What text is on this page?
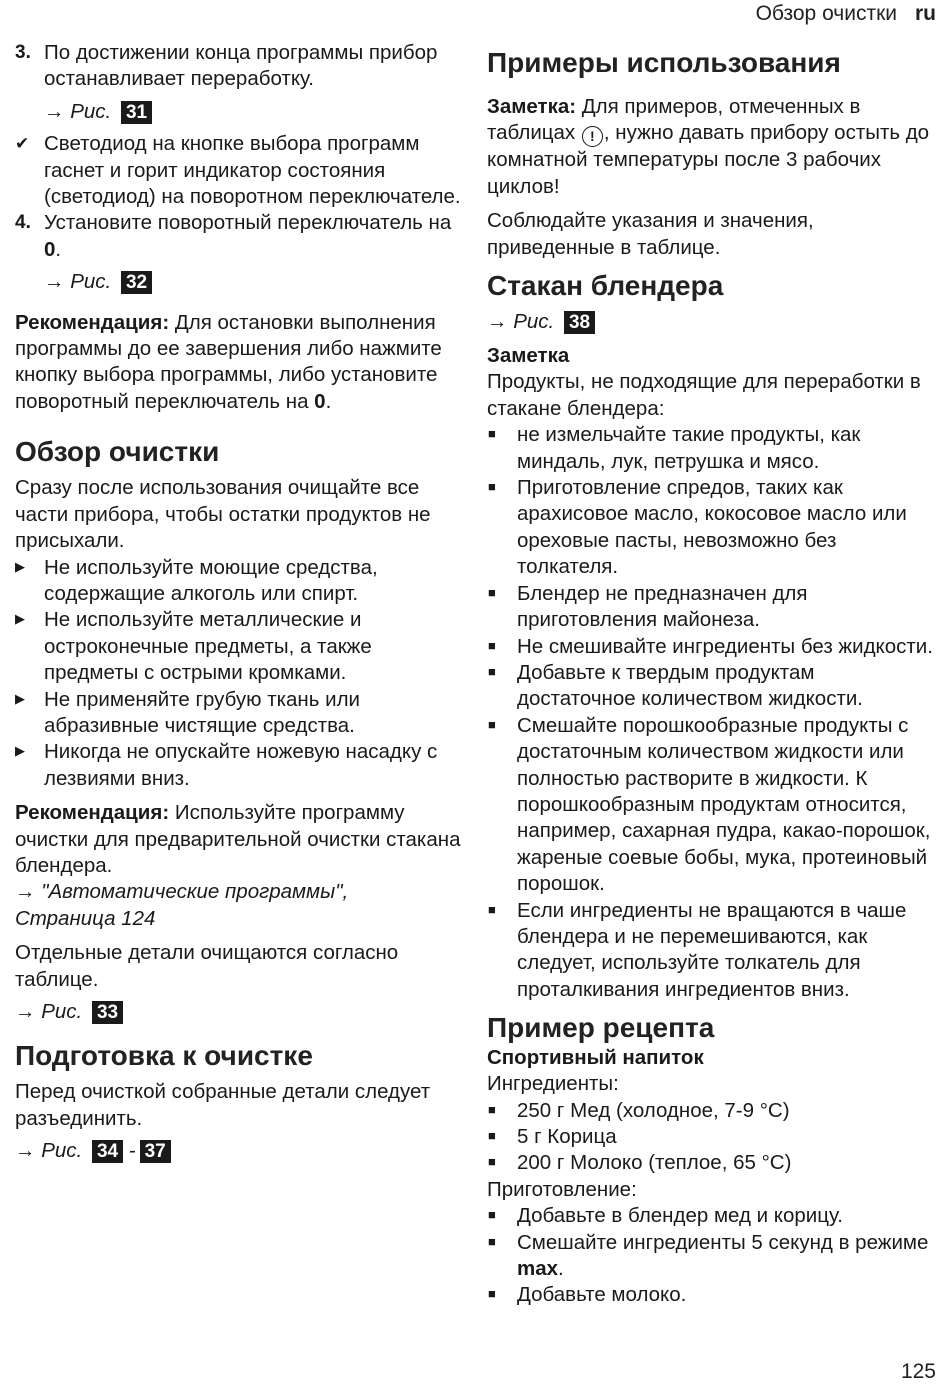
Обзор очистки ru
3. По достижении конца программы прибор останавливает переработку.

→ Рис. 31

✔ Светодиод на кнопке выбора программ гаснет и горит индикатор состояния (светодиод) на поворотном переключателе.

4. Установите поворотный переключатель на 0.

→ Рис. 32

Рекомендация: Для остановки выполнения программы до ее завершения либо нажмите кнопку выбора программы, либо установите поворотный переключатель на 0.

Обзор очистки

Сразу после использования очищайте все части прибора, чтобы остатки продуктов не присыхали.

▶ Не используйте моющие средства, содержащие алкоголь или спирт.
▶ Не используйте металлические и остроконечные предметы, а также предметы с острыми кромками.
▶ Не применяйте грубую ткань или абразивные чистящие средства.
▶ Никогда не опускайте ножевую насадку с лезвиями вниз.

Рекомендация: Используйте программу очистки для предварительной очистки стакана блендера.

→ "Автоматические программы",
Страница 124

Отдельные детали очищаются согласно таблице.

→ Рис. 33

Подготовка к очистке

Перед очисткой собранные детали следует разъединить.

→ Рис. 34 - 37

Примеры использования

Заметка: Для примеров, отмеченных в таблицах ! , нужно давать прибору остыть до комнатной температуры после 3 рабочих циклов!

Соблюдайте указания и значения, приведенные в таблице.

Стакан блендера

→ Рис. 38

Заметка

Продукты, не подходящие для переработки в стакане блендера:

■	не измельчайте такие продукты, как миндаль, лук, петрушка и мясо.
■	Приготовление спредов, таких как арахисовое масло, кокосовое масло или ореховые пасты, невозможно без толкателя.
■	Блендер не предназначен для приготовления майонеза.
■	Не смешивайте ингредиенты без жидкости.
■	Добавьте к твердым продуктам достаточное количеством жидкости.
■	Смешайте порошкообразные продукты с достаточным количеством жидкости или полностью растворите в жидкости. К порошкообразным продуктам относится, например, сахарная пудра, какао-порошок, жареные соевые бобы, мука, протеиновый порошок.
■	Если ингредиенты не вращаются в чаше блендера и не перемешиваются, как следует, используйте толкатель для проталкивания ингредиентов вниз.
Пример рецепта
Спортивный напиток

Ингредиенты:

■	250 г Мед (холодное, 7-9 °C)
■	5 г Корица
■	200 г Молоко (теплое, 65 °C)

Приготовление:

■	Добавьте в блендер мед и корицу.
■	Смешайте ингредиенты 5 секунд в режиме max.
■	Добавьте молоко.
125
